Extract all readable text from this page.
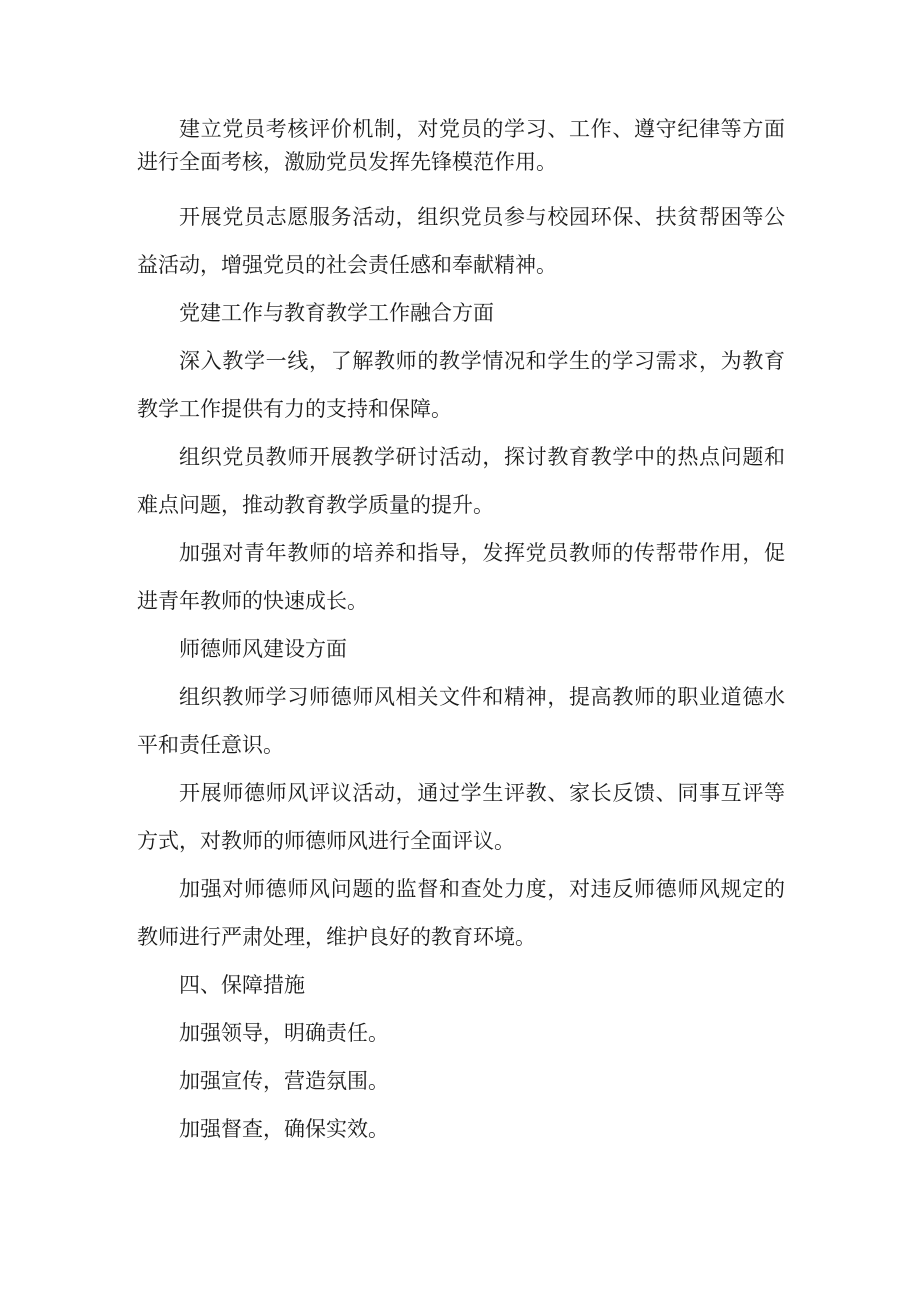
建立党员考核评价机制，对党员的学习、工作、遵守纪律等方面进行全面考核，激励党员发挥先锋模范作用。

开展党员志愿服务活动，组织党员参与校园环保、扶贫帮困等公益活动，增强党员的社会责任感和奉献精神。

党建工作与教育教学工作融合方面

深入教学一线，了解教师的教学情况和学生的学习需求，为教育教学工作提供有力的支持和保障。

组织党员教师开展教学研讨活动，探讨教育教学中的热点问题和难点问题，推动教育教学质量的提升。

加强对青年教师的培养和指导，发挥党员教师的传帮带作用，促进青年教师的快速成长。

师德师风建设方面

组织教师学习师德师风相关文件和精神，提高教师的职业道德水平和责任意识。

开展师德师风评议活动，通过学生评教、家长反馈、同事互评等方式，对教师的师德师风进行全面评议。

加强对师德师风问题的监督和查处力度，对违反师德师风规定的教师进行严肃处理，维护良好的教育环境。

四、保障措施

加强领导，明确责任。

加强宣传，营造氛围。

加强督查，确保实效。
